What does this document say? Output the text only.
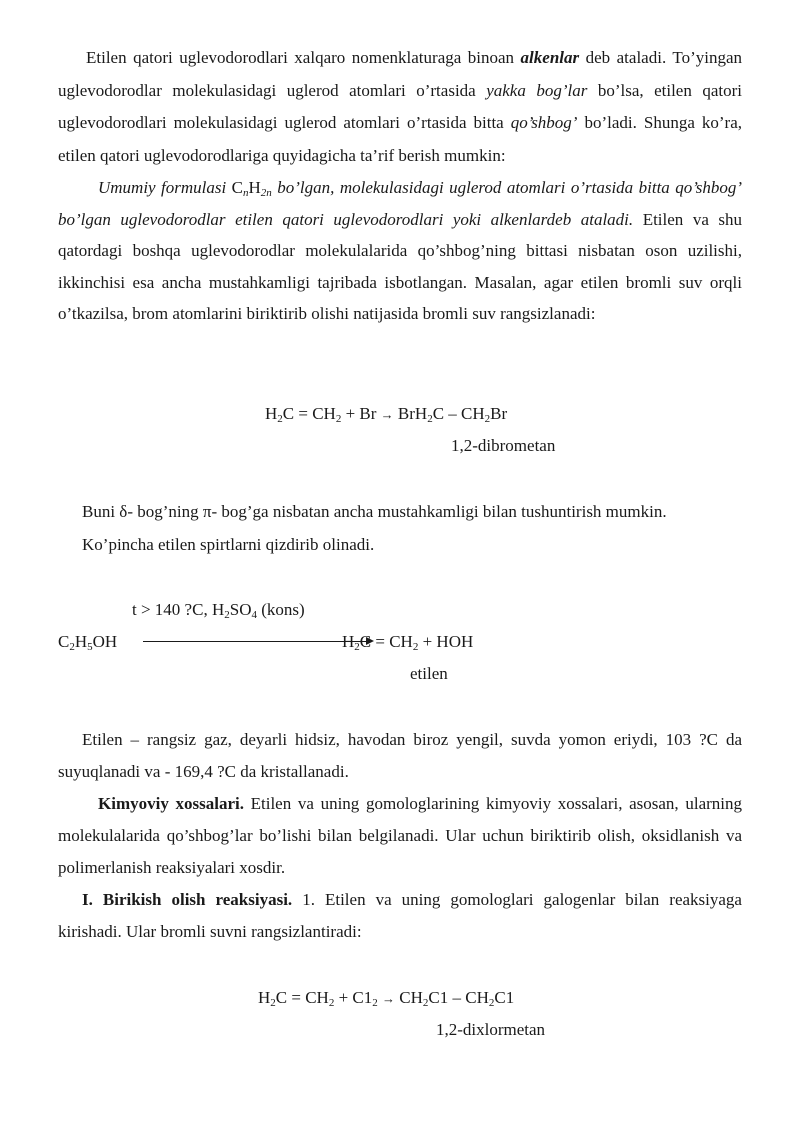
Etilen qatori uglevodorodlari xalqaro nomenklaturaga binoan alkenlar deb ataladi. To’yingan uglevodorodlar molekulasidagi uglerod atomlari o’rtasida yakka bog’lar bo’lsa, etilen qatori uglevodorodlari molekulasidagi uglerod atomlari o’rtasida bitta qo’shbog’ bo’ladi. Shunga ko’ra, etilen qatori uglevodorodlariga quyidagicha ta’rif berish mumkin:

Umumiy formulasi $C_nH_{2n}$ bo’lgan, molekulasidagi uglerod atomlari o’rtasida bitta qo’shbog’ bo’lgan uglevodorodlar etilen qatori uglevodorodlari yoki alkenlardeb ataladi. Etilen va shu qatordagi boshqa uglevodorodlar molekulalarida qo’shbog’ning bittasi nisbatan oson uzilishi, ikkinchisi esa ancha mustahkamligi tajribada isbotlangan. Masalan, agar etilen bromli suv orqli o’tkazilsa, brom atomlarini biriktirib olishi natijasida bromli suv rangsizlanadi:

$H_2C = CH_2 + Br \to BrH_2C - CH_2Br$
1,2-dibrometan
Buni δ- bog’ning π- bog’ga nisbatan ancha mustahkamligi bilan tushuntirish mumkin.
Ko’pincha etilen spirtlarni qizdirib olinadi.
t > 140 ?C, $H_2SO_4$ (kons)
$C_2H_5OH$	$H_2C = CH_2$ + HOH
etilen

Etilen – rangsiz gaz, deyarli hidsiz, havodan biroz yengil, suvda yomon eriydi, 103 ?C da suyuqlanadi va - 169,4 ?C da kristallanadi.

Kimyoviy xossalari. Etilen va uning gomologlarining kimyoviy xossalari, asosan, ularning molekulalarida qo’shbog’lar bo’lishi bilan belgilanadi. Ular uchun biriktirib olish, oksidlanish va polimerlanish reaksiyalari xosdir.

I. Birikish olish reaksiyasi. 1. Etilen va uning gomologlari galogenlar bilan reaksiyaga kirishadi. Ular bromli suvni rangsizlantiradi:

$H_2C = CH_2 + C1_2 \to CH_2C1 - CH_2C1$
1,2-dixlormetan
